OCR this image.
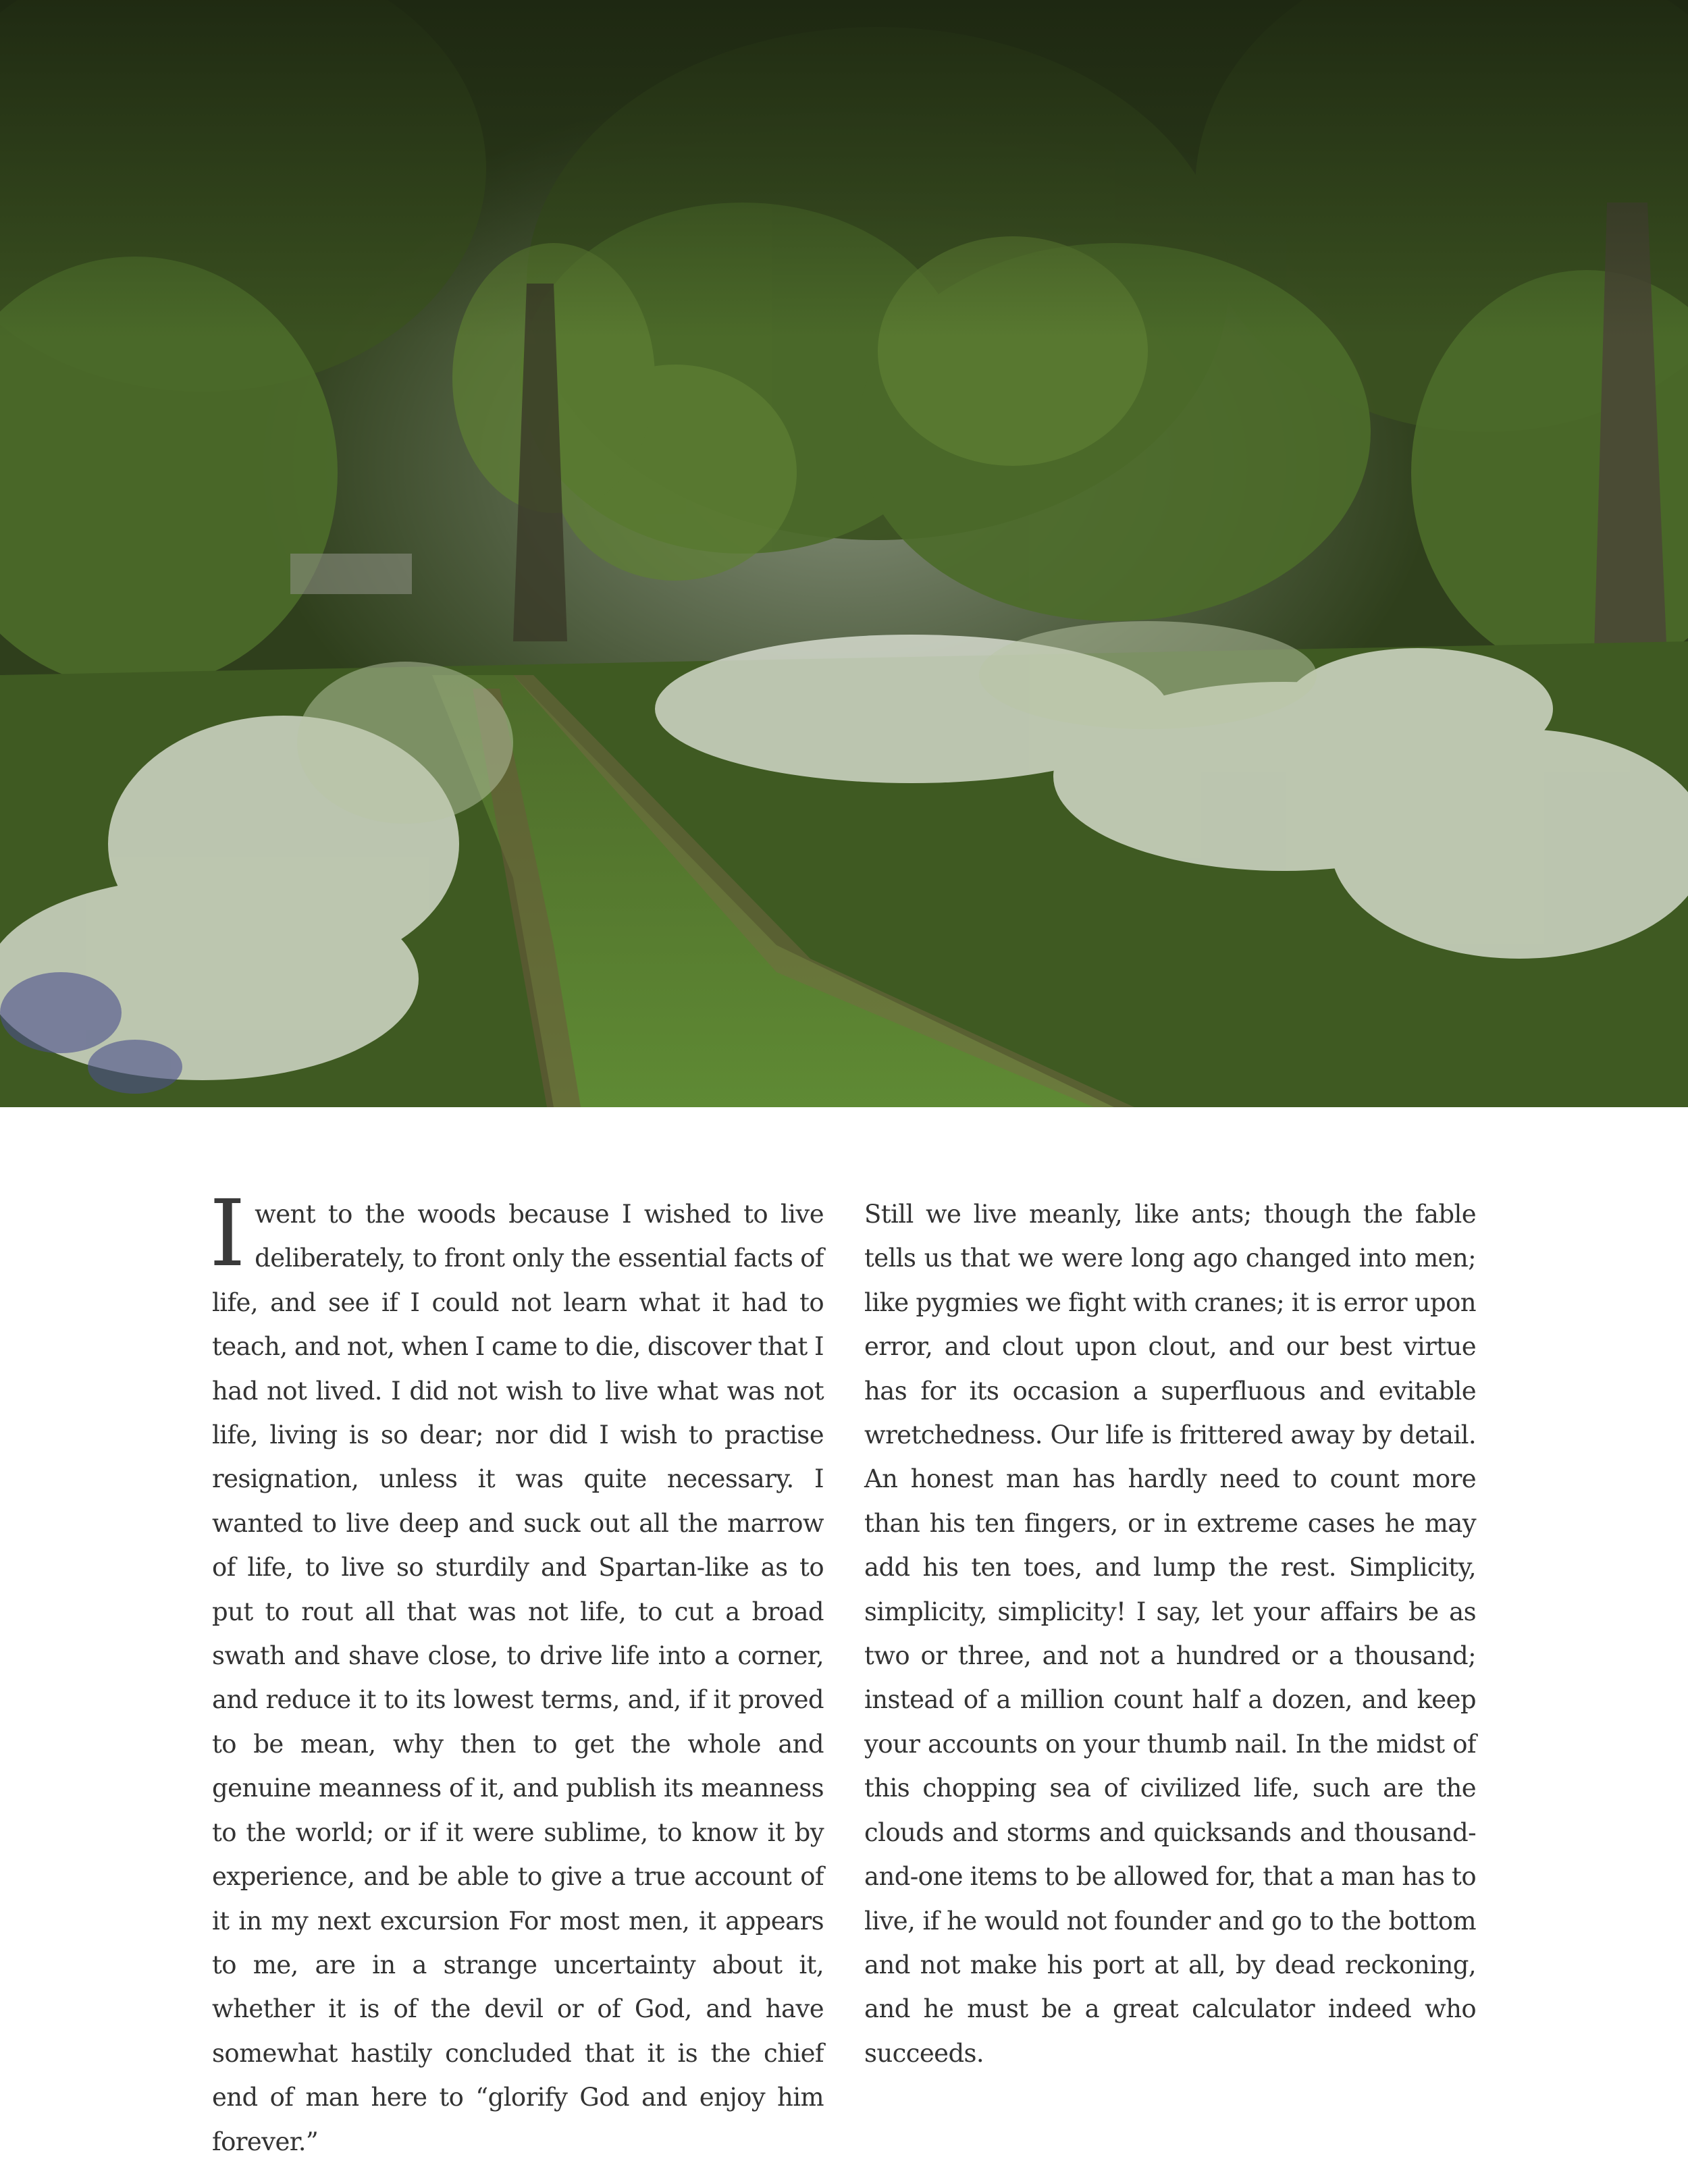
I went to the woods because I wished to live deliberately, to front only the essential facts of life, and see if I could not learn what it had to teach, and not, when I came to die, discover that I had not lived. I did not wish to live what was not life, living is so dear; nor did I wish to practise resignation, unless it was quite necessary. I wanted to live deep and suck out all the marrow of life, to live so sturdily and Spartan-like as to put to rout all that was not life, to cut a broad swath and shave close, to drive life into a corner, and reduce it to its lowest terms, and, if it proved to be mean, why then to get the whole and genuine meanness of it, and publish its meanness to the world; or if it were sublime, to know it by experience, and be able to give a true account of it in my next excursion For most men, it appears to me, are in a strange uncertainty about it, whether it is of the devil or of God, and have somewhat hastily concluded that it is the chief end of man here to “glorify God and enjoy him forever.”

Still we live meanly, like ants; though the fable tells us that we were long ago changed into men; like pygmies we fight with cranes; it is error upon error, and clout upon clout, and our best virtue has for its occasion a superfluous and evitable wretchedness. Our life is frittered away by detail. An honest man has hardly need to count more than his ten fingers, or in extreme cases he may add his ten toes, and lump the rest. Simplicity, simplicity, simplicity! I say, let your affairs be as two or three, and not a hundred or a thousand; instead of a million count half a dozen, and keep your accounts on your thumb nail. In the midst of this chopping sea of civilized life, such are the clouds and storms and quicksands and thousand-and-one items to be allowed for, that a man has to live, if he would not founder and go to the bottom and not make his port at all, by dead reckoning, and he must be a great calculator indeed who succeeds.
